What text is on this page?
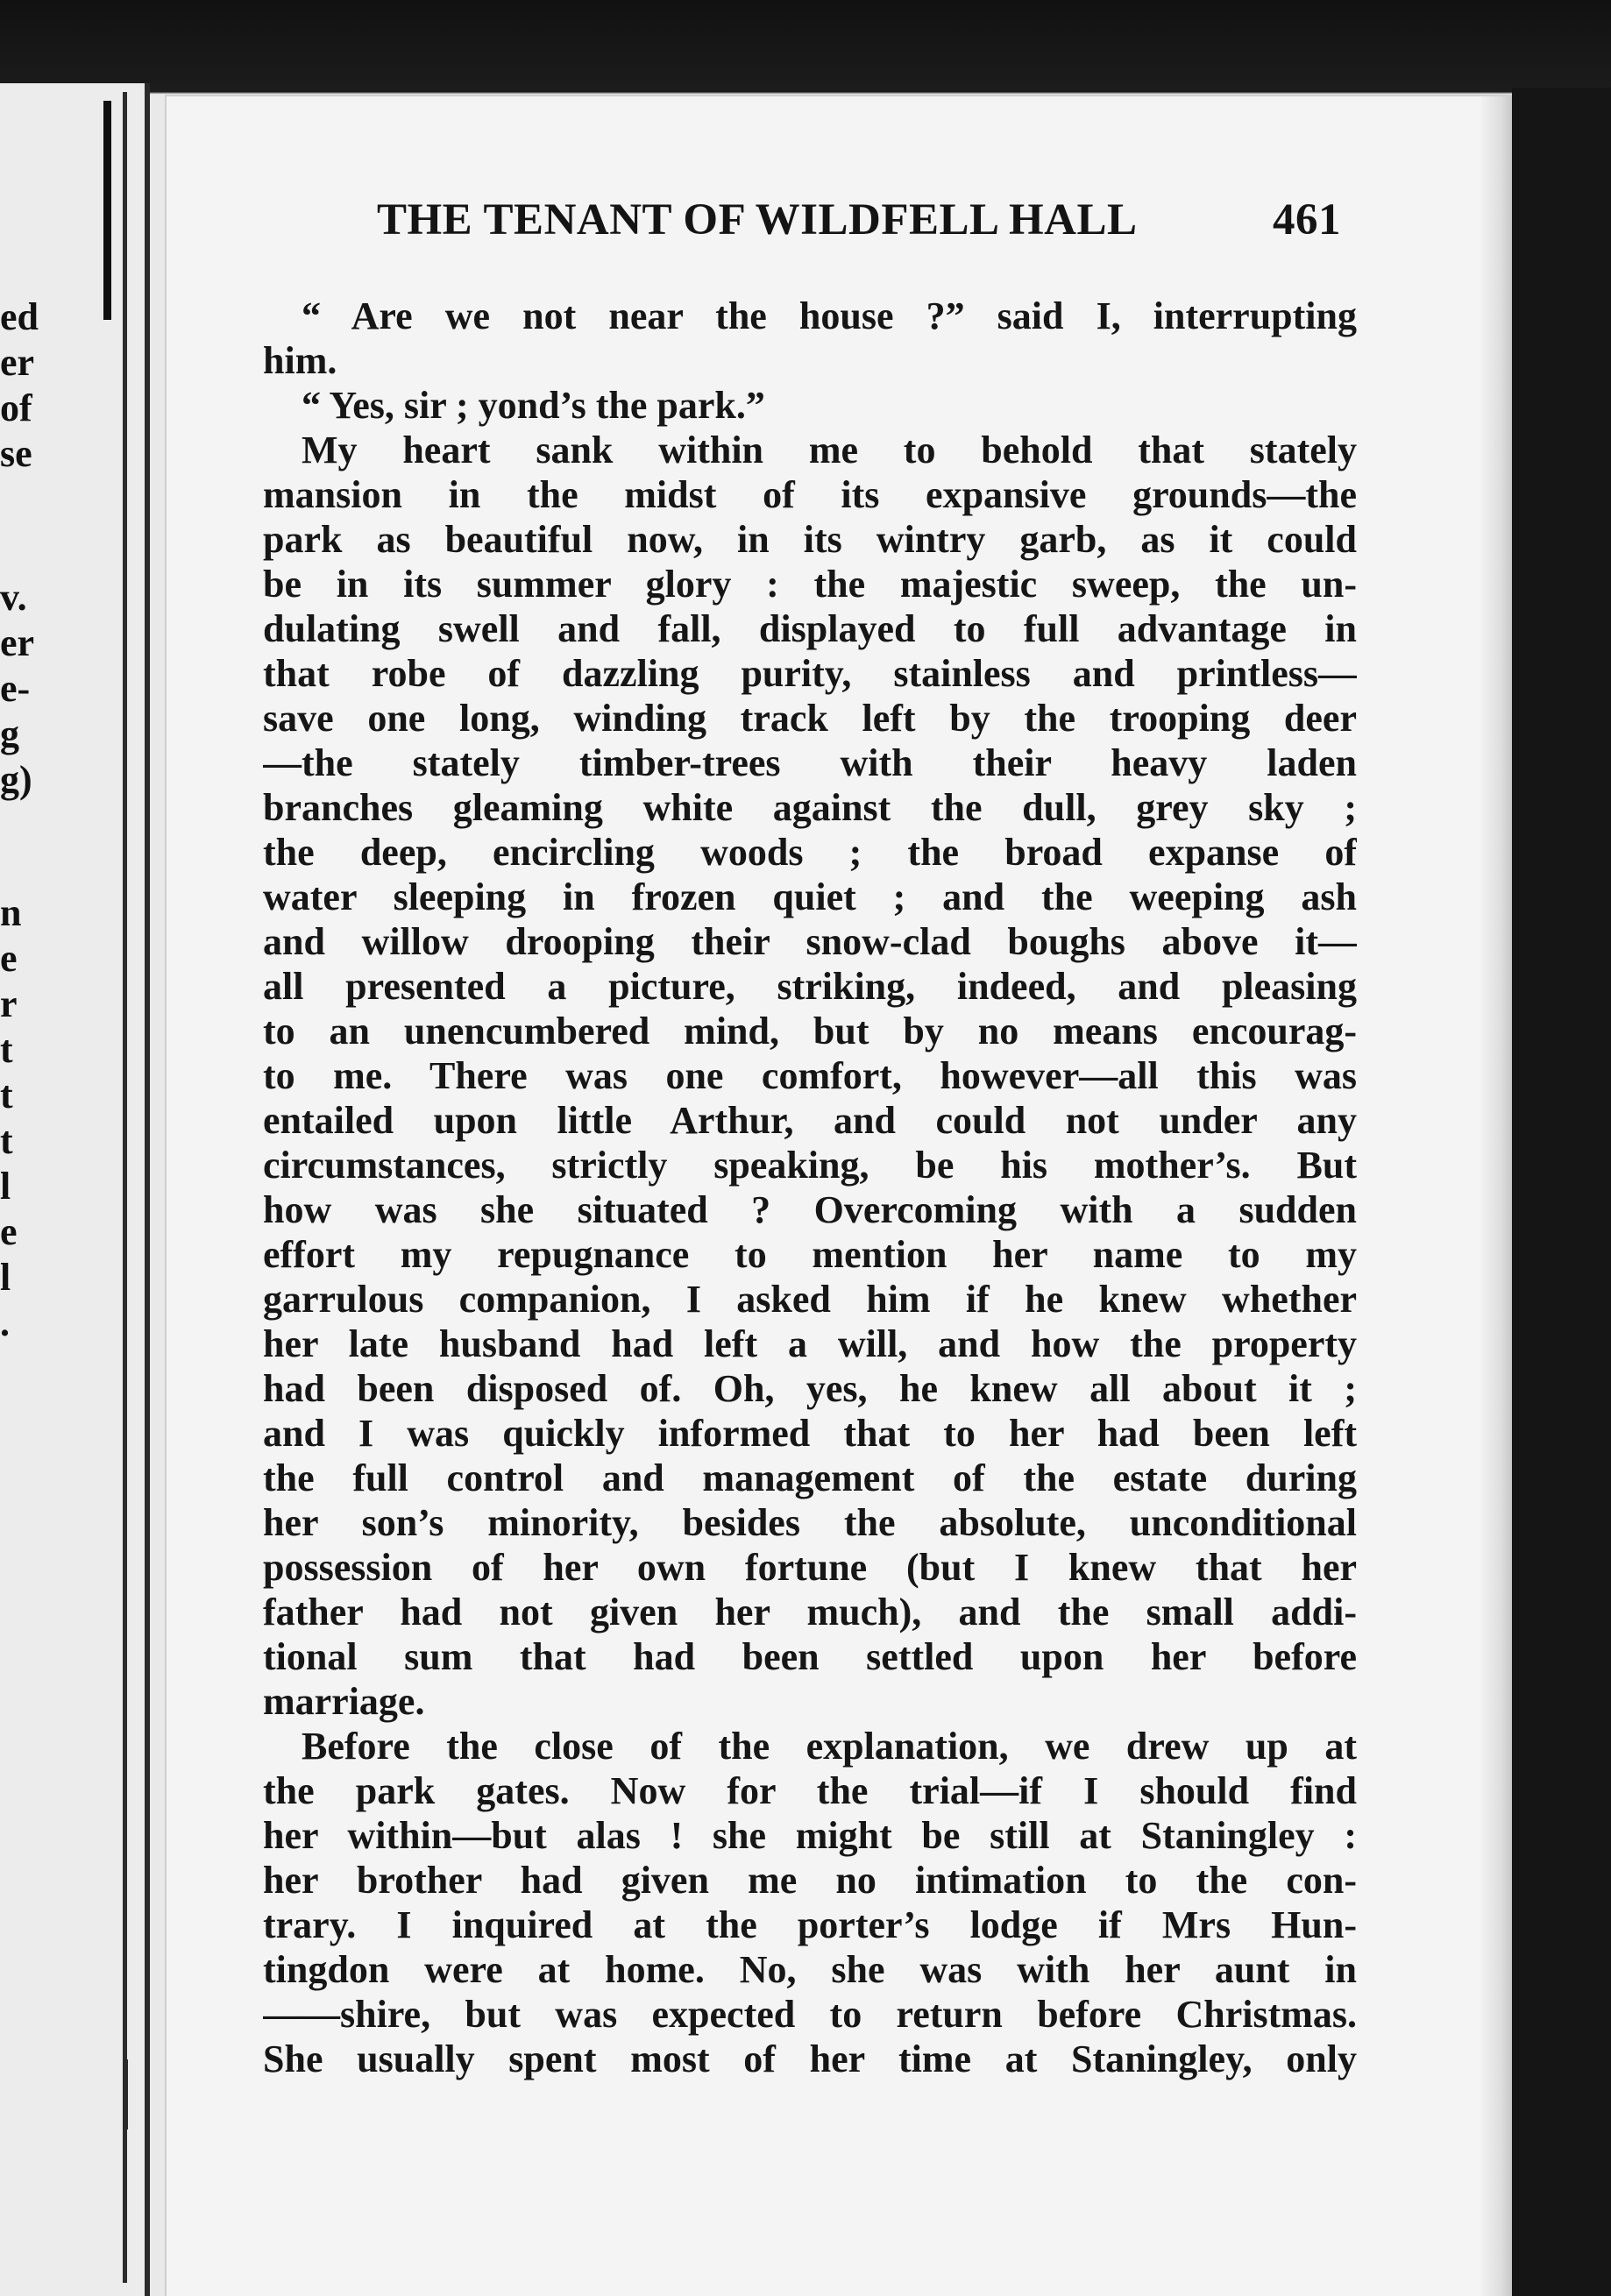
ed
er
of
se
v.
er
e-
g
g)
n
e
r
t
t
t
l
e
l
.
THE TENANT OF WILDFELL HALL	461
“ Are we not near the house ?” said I, interrupting
him.
“ Yes, sir ; yond’s the park.”
My heart sank within me to behold that stately
mansion in the midst of its expansive grounds—the
park as beautiful now, in its wintry garb, as it could
be in its summer glory : the majestic sweep, the un-
dulating swell and fall, displayed to full advantage in
that robe of dazzling purity, stainless and printless—
save one long, winding track left by the trooping deer
—the stately timber-trees with their heavy laden
branches gleaming white against the dull, grey sky ;
the deep, encircling woods ; the broad expanse of
water sleeping in frozen quiet ; and the weeping ash
and willow drooping their snow-clad boughs above it—
all presented a picture, striking, indeed, and pleasing
to an unencumbered mind, but by no means encourag-
to me. There was one comfort, however—all this was
entailed upon little Arthur, and could not under any
circumstances, strictly speaking, be his mother’s. But
how was she situated ? Overcoming with a sudden
effort my repugnance to mention her name to my
garrulous companion, I asked him if he knew whether
her late husband had left a will, and how the property
had been disposed of. Oh, yes, he knew all about it ;
and I was quickly informed that to her had been left
the full control and management of the estate during
her son’s minority, besides the absolute, unconditional
possession of her own fortune (but I knew that her
father had not given her much), and the small addi-
tional sum that had been settled upon her before
marriage.
Before the close of the explanation, we drew up at
the park gates. Now for the trial—if I should find
her within—but alas ! she might be still at Staningley :
her brother had given me no intimation to the con-
trary. I inquired at the porter’s lodge if Mrs Hun-
tingdon were at home. No, she was with her aunt in
——shire, but was expected to return before Christmas.
She usually spent most of her time at Staningley, only
